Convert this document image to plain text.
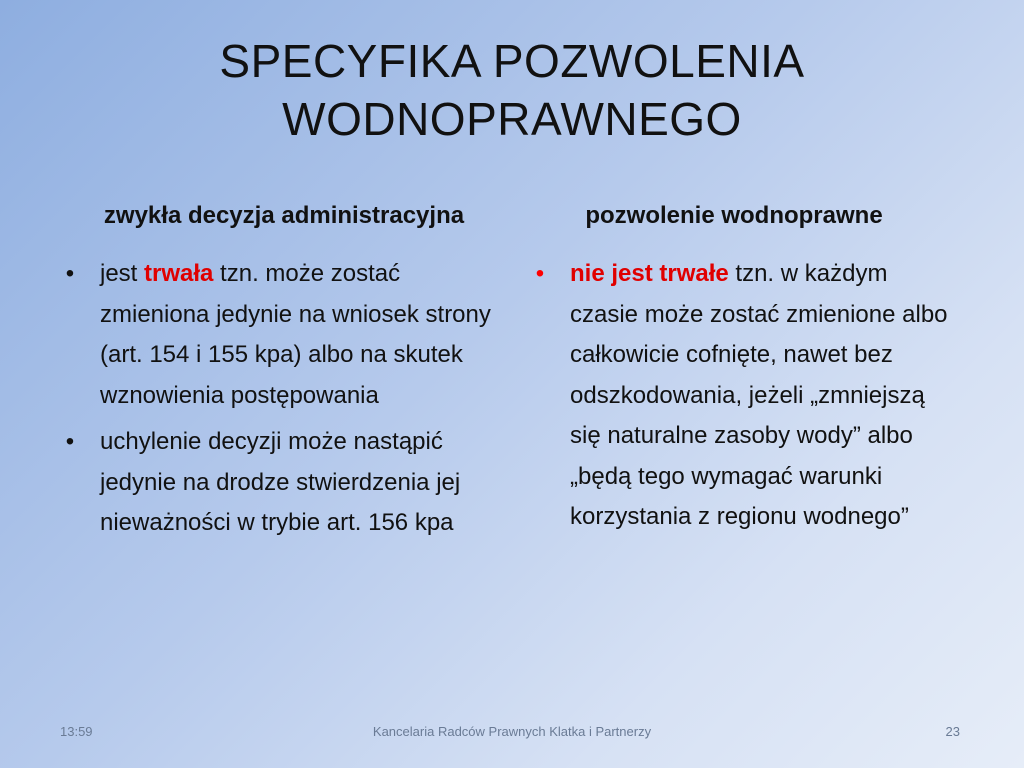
SPECYFIKA POZWOLENIA
WODNOPRAWNEGO
zwykła decyzja administracyjna	pozwolenie wodnoprawne
• jest trwała tzn. może zostać zmieniona jedynie na wniosek strony (art. 154 i 155 kpa) albo na skutek wznowienia postępowania
• uchylenie decyzji może nastąpić jedynie na drodze stwierdzenia jej nieważności w trybie art. 156 kpa
• nie jest trwałe tzn. w każdym czasie może zostać zmienione albo całkowicie cofnięte, nawet bez odszkodowania, jeżeli „zmniejszą się naturalne zasoby wody” albo „będą tego wymagać warunki korzystania z regionu wodnego”
13:59	Kancelaria Radców Prawnych Klatka i Partnerzy	23
